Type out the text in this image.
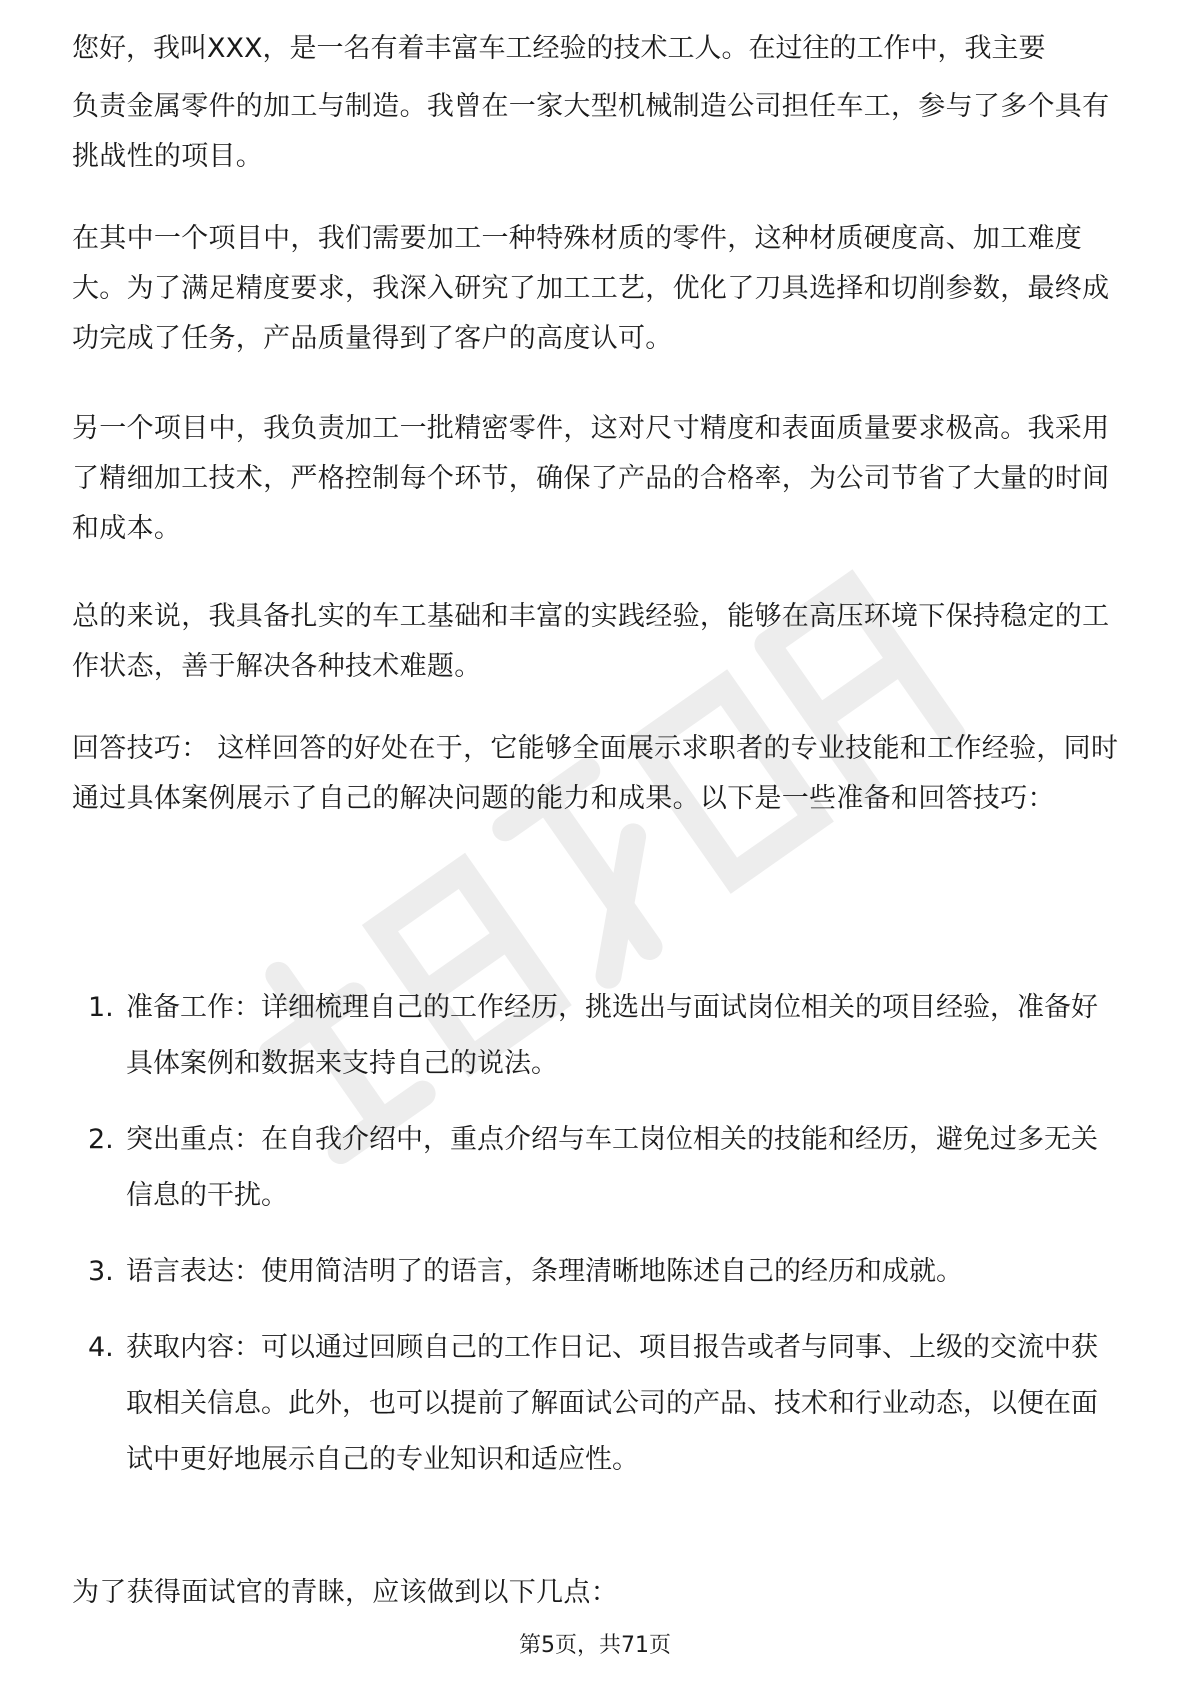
您好，我叫XXX，是一名有着丰富车工经验的技术工人。在过往的工作中，我主要

负责金属零件的加工与制造。我曾在一家大型机械制造公司担任车工，参与了多个具有挑战性的项目。

在其中一个项目中，我们需要加工一种特殊材质的零件，这种材质硬度高、加工难度大。为了满足精度要求，我深入研究了加工工艺，优化了刀具选择和切削参数，最终成功完成了任务，产品质量得到了客户的高度认可。

另一个项目中，我负责加工一批精密零件，这对尺寸精度和表面质量要求极高。我采用了精细加工技术，严格控制每个环节，确保了产品的合格率，为公司节省了大量的时间和成本。

总的来说，我具备扎实的车工基础和丰富的实践经验，能够在高压环境下保持稳定的工作状态，善于解决各种技术难题。

回答技巧： 这样回答的好处在于，它能够全面展示求职者的专业技能和工作经验，同时通过具体案例展示了自己的解决问题的能力和成果。以下是一些准备和回答技巧：

1. 准备工作：详细梳理自己的工作经历，挑选出与面试岗位相关的项目经验，准备好具体案例和数据来支持自己的说法。
2. 突出重点：在自我介绍中，重点介绍与车工岗位相关的技能和经历，避免过多无关信息的干扰。
3. 语言表达：使用简洁明了的语言，条理清晰地陈述自己的经历和成就。
4. 获取内容：可以通过回顾自己的工作日记、项目报告或者与同事、上级的交流中获取相关信息。此外，也可以提前了解面试公司的产品、技术和行业动态，以便在面试中更好地展示自己的专业知识和适应性。

为了获得面试官的青睐，应该做到以下几点：

第5页，共71页
